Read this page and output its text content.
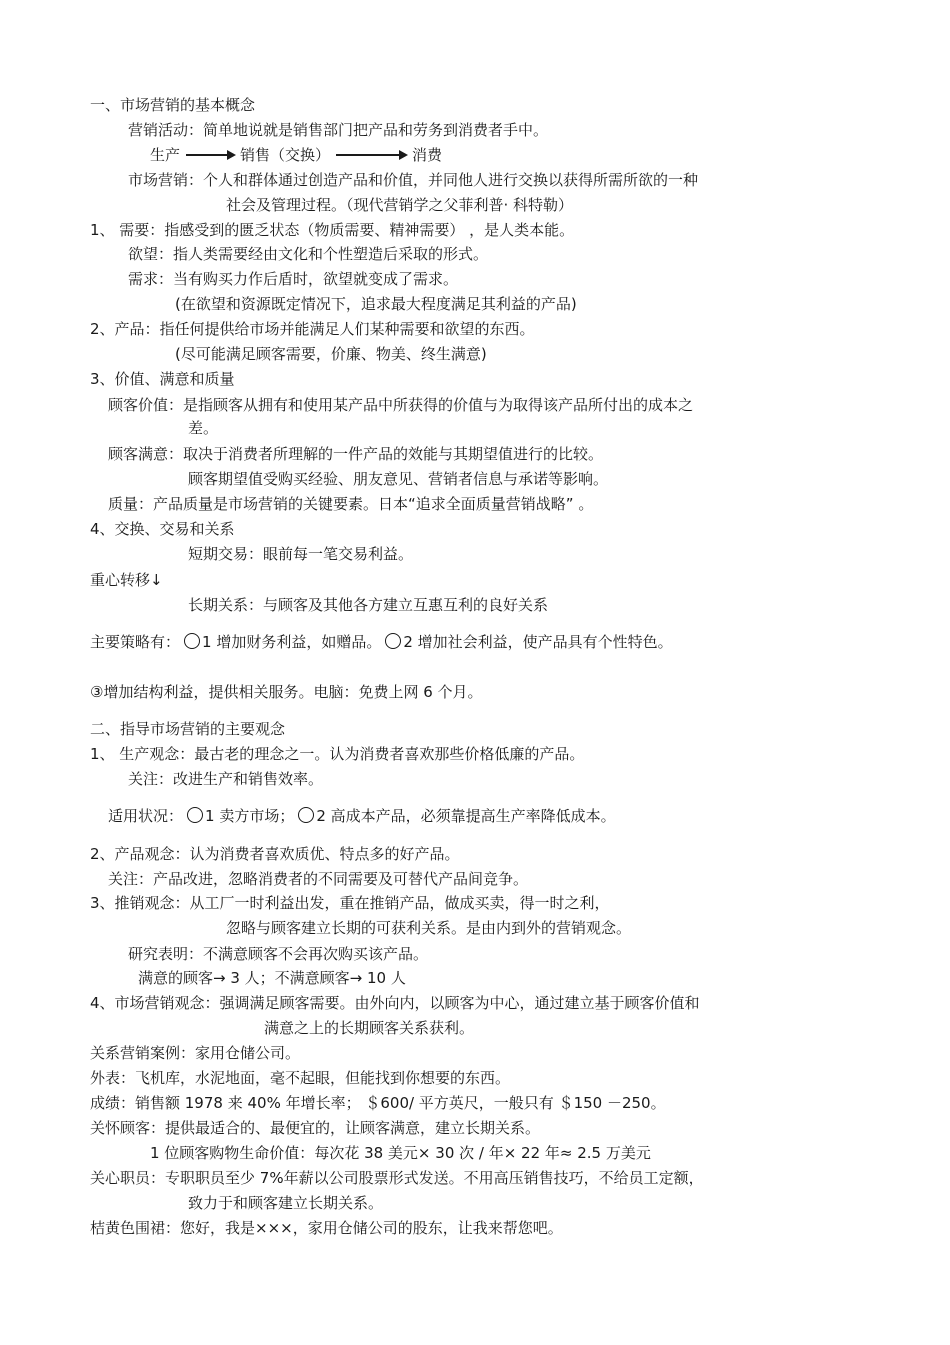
一、市场营销的基本概念
营销活动：简单地说就是销售部门把产品和劳务到消费者手中。
生产	销售（交换）	消费
市场营销：个人和群体通过创造产品和价值，并同他人进行交换以获得所需所欲的一种
社会及管理过程。（现代营销学之父菲利普· 科特勒）
1、 需要：指感受到的匮乏状态（物质需要、精神需要） ，是人类本能。
欲望：指人类需要经由文化和个性塑造后采取的形式。
需求：当有购买力作后盾时，欲望就变成了需求。
(在欲望和资源既定情况下，追求最大程度满足其利益的产品)
2、产品：指任何提供给市场并能满足人们某种需要和欲望的东西。
(尽可能满足顾客需要，价廉、物美、终生满意)
3、价值、满意和质量
顾客价值：是指顾客从拥有和使用某产品中所获得的价值与为取得该产品所付出的成本之
差。
顾客满意：取决于消费者所理解的一件产品的效能与其期望值进行的比较。
顾客期望值受购买经验、朋友意见、营销者信息与承诺等影响。
质量：产品质量是市场营销的关键要素。日本“追求全面质量营销战略” 。
4、交换、交易和关系
短期交易：眼前每一笔交易利益。
重心转移↓
长期关系：与顾客及其他各方建立互惠互利的良好关系
主要策略有： 1 增加财务利益，如赠品。 2 增加社会利益，使产品具有个性特色。
③增加结构利益，提供相关服务。电脑：免费上网 6 个月。
二、指导市场营销的主要观念
1、 生产观念：最古老的理念之一。认为消费者喜欢那些价格低廉的产品。
关注：改进生产和销售效率。
适用状况： 1 卖方市场； 2 高成本产品，必须靠提高生产率降低成本。
2、产品观念：认为消费者喜欢质优、特点多的好产品。
关注：产品改进，忽略消费者的不同需要及可替代产品间竞争。
3、推销观念：从工厂一时利益出发，重在推销产品，做成买卖，得一时之利，
忽略与顾客建立长期的可获利关系。是由内到外的营销观念。
研究表明：不满意顾客不会再次购买该产品。
满意的顾客→ 3 人；不满意顾客→ 10 人
4、市场营销观念：强调满足顾客需要。由外向内，以顾客为中心，通过建立基于顾客价值和
满意之上的长期顾客关系获利。
关系营销案例：家用仓储公司。
外表：飞机库，水泥地面，毫不起眼，但能找到你想要的东西。
成绩：销售额 1978 来 40% 年增长率； ＄600/ 平方英尺，一般只有 ＄150 －250。
关怀顾客：提供最适合的、最便宜的，让顾客满意，建立长期关系。
1 位顾客购物生命价值：每次花 38 美元× 30 次 / 年× 22 年≈ 2.5 万美元
关心职员：专职职员至少 7%年薪以公司股票形式发送。不用高压销售技巧，不给员工定额，
致力于和顾客建立长期关系。
桔黄色围裙：您好，我是×××，家用仓储公司的股东，让我来帮您吧。
